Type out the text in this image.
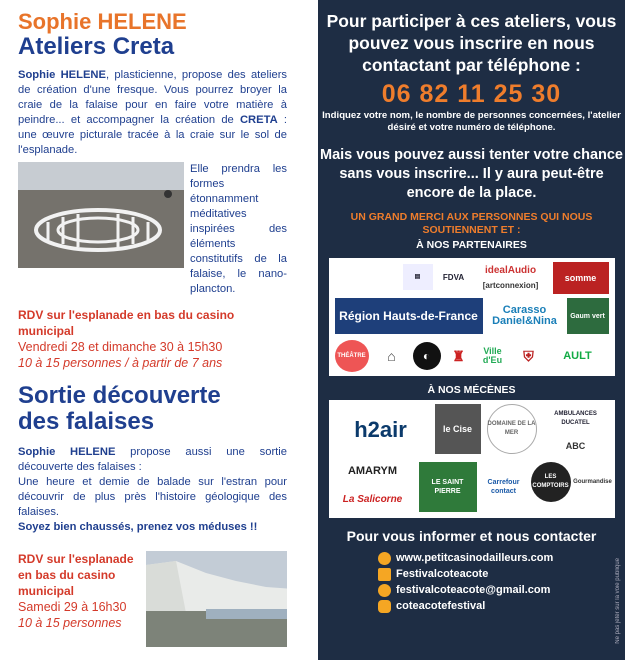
Sophie HELENE
Ateliers Creta

Sophie HELENE, plasticienne, propose des ateliers de création d'une fresque. Vous pourrez broyer la craie de la falaise pour en faire votre matière à peindre... et accompagner la création de CRETA : une œuvre picturale tracée à la craie sur le sol de l'esplanade.

Elle prendra les formes étonnamment méditatives inspirées des éléments constitutifs de la falaise, le nano-plancton.

RDV sur l'esplanade en bas du casino municipal
Vendredi 28 et dimanche 30 à 15h30
10 à 15 personnes / à partir de 7 ans
Sortie découverte
des falaises

Sophie HELENE propose aussi une sortie découverte des falaises :

Une heure et demie de balade sur l'estran pour découvrir de plus près l'histoire géologique des falaises.

Soyez bien chaussés, prenez vos méduses !!

RDV sur l'esplanade en bas du casino municipal
Samedi 29 à 16h30
10 à 15 personnes
Pour participer à ces ateliers, vous pouvez vous inscrire en nous contactant par téléphone :
06 82 11 25 30
Indiquez votre nom, le nombre de personnes concernées, l'atelier désiré et votre numéro de téléphone.
Mais vous pouvez aussi tenter votre chance sans vous inscrire... Il y aura peut-être encore de la place.
UN GRAND MERCI AUX PERSONNES QUI NOUS SOUTIENNENT ET :
À NOS PARTENAIRES
3 hauts-de-france	▤	FDVA
idealAudio
[artconnexion]
somme
Région Hauts-de-France	Carasso Daniel&Nina	Gaum vert
THÉÂTRE	⌂	◐	♜	Ville d'Eu	⛨	AULT
À NOS MÉCÈNES
h2air	le Cise	DOMAINE DE LA MER
AMBULANCES DUCATEL
ABC
AMARYM
La Salicorne
LE SAINT PIERRE
Carrefour contact
LES COMPTOIRS
Gourmandise
Pour vous informer et nous contacter
www.petitcasinodailleurs.com
Festivalcoteacote
festivalcoteacote@gmail.com
coteacotefestival	Ne pas jeter sur la voie publique
